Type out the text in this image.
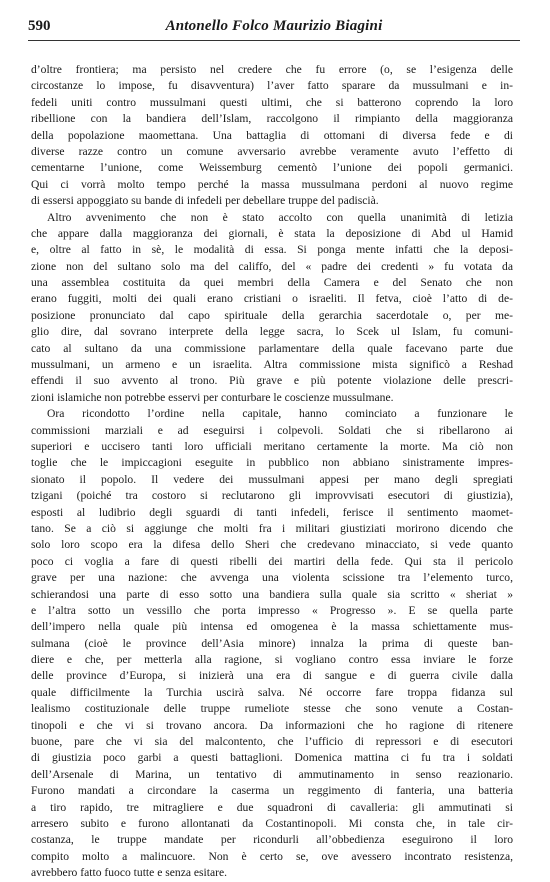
590	Antonello Folco Maurizio Biagini
d’oltre frontiera; ma persisto nel credere che fu errore (o, se l’esigenza delle
circostanze lo impose, fu disavventura) l’aver fatto sparare da mussulmani e in-
fedeli uniti contro mussulmani questi ultimi, che si batterono coprendo la loro
ribellione con la bandiera dell’Islam, raccolgono il rimpianto della maggioranza
della popolazione maomettana. Una battaglia di ottomani di diversa fede e di
diverse razze contro un comune avversario avrebbe veramente avuto l’effetto di
cementarne l’unione, come Weissemburg cementò l’unione dei popoli germanici.
Qui ci vorrà molto tempo perché la massa mussulmana perdoni al nuovo regime
di essersi appoggiato su bande di infedeli per debellare truppe del padiscià.
Altro avvenimento che non è stato accolto con quella unanimità di letizia
che appare dalla maggioranza dei giornali, è stata la deposizione di Abd ul Hamid
e, oltre al fatto in sè, le modalità di essa. Si ponga mente infatti che la deposi-
zione non del sultano solo ma del califfo, del « padre dei credenti » fu votata da
una assemblea costituita da quei membri della Camera e del Senato che non
erano fuggiti, molti dei quali erano cristiani o israeliti. Il fetva, cioè l’atto di de-
posizione pronunciato dal capo spirituale della gerarchia sacerdotale o, per me-
glio dire, dal sovrano interprete della legge sacra, lo Scek ul Islam, fu comuni-
cato al sultano da una commissione parlamentare della quale facevano parte due
mussulmani, un armeno e un israelita. Altra commissione mista significò a Reshad
effendi il suo avvento al trono. Più grave e più potente violazione delle prescri-
zioni islamiche non potrebbe esservi per conturbare le coscienze mussulmane.
Ora ricondotto l’ordine nella capitale, hanno cominciato a funzionare le
commissioni marziali e ad eseguirsi i colpevoli. Soldati che si ribellarono ai
superiori e uccisero tanti loro ufficiali meritano certamente la morte. Ma ciò non
toglie che le impiccagioni eseguite in pubblico non abbiano sinistramente impres-
sionato il popolo. Il vedere dei mussulmani appesi per mano degli spregiati
tzigani (poiché tra costoro si reclutarono gli improvvisati esecutori di giustizia),
esposti al ludibrio degli sguardi di tanti infedeli, ferisce il sentimento maomet-
tano. Se a ciò si aggiunge che molti fra i militari giustiziati morirono dicendo che
solo loro scopo era la difesa dello Sheri che credevano minacciato, si vede quanto
poco ci voglia a fare di questi ribelli dei martiri della fede. Qui sta il pericolo
grave per una nazione: che avvenga una violenta scissione tra l’elemento turco,
schierandosi una parte di esso sotto una bandiera sulla quale sia scritto « sheriat »
e l’altra sotto un vessillo che porta impresso « Progresso ». E se quella parte
dell’impero nella quale più intensa ed omogenea è la massa schiettamente mus-
sulmana (cioè le province dell’Asia minore) innalza la prima di queste ban-
diere e che, per metterla alla ragione, si vogliano contro essa inviare le forze
delle province d’Europa, si inizierà una era di sangue e di guerra civile dalla
quale difficilmente la Turchia uscirà salva. Né occorre fare troppa fidanza sul
lealismo costituzionale delle truppe rumeliote stesse che sono venute a Costan-
tinopoli e che vi si trovano ancora. Da informazioni che ho ragione di ritenere
buone, pare che vi sia del malcontento, che l’ufficio di repressori e di esecutori
di giustizia poco garbi a questi battaglioni. Domenica mattina ci fu tra i soldati
dell’Arsenale di Marina, un tentativo di ammutinamento in senso reazionario.
Furono mandati a circondare la caserma un reggimento di fanteria, una batteria
a tiro rapido, tre mitragliere e due squadroni di cavalleria: gli ammutinati si
arresero subito e furono allontanati da Costantinopoli. Mi consta che, in tale cir-
costanza, le truppe mandate per ricondurli all’obbedienza eseguirono il loro
compito molto a malincuore. Non è certo se, ove avessero incontrato resistenza,
avrebbero fatto fuoco tutte e senza esitare.
